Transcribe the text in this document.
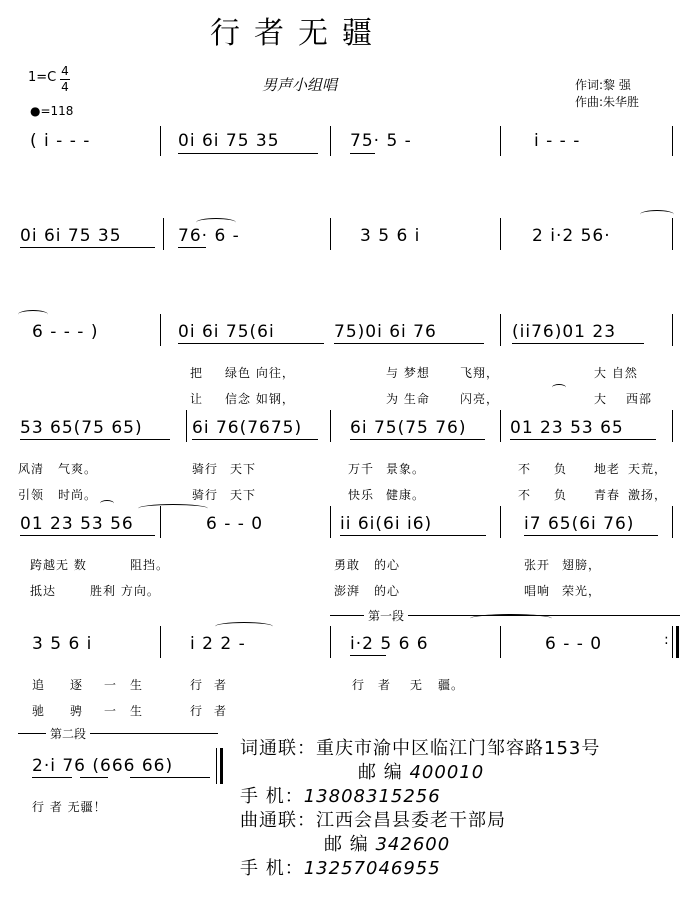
行者无疆
男声小组唱	作词:黎 强
作曲:朱华胜
1=C 4
4
●=118
( i - - -	0i 6i 75 35	75· 5 -	i - - -
0i 6i 75 35	76· 6 -	3 5 6 i	2 i·2 56·
6 - - - )	0i 6i 75(6i	75)0i 6i 76	(ii76)01 23
把 绿色 向往，	与 梦想	飞翔，	大 自然
让 信念 如钢，	为 生命	闪亮，	大 西部
53 65(75 65)	6i 76(7675)	6i 75(75 76)	01 23 53 65
风清 气爽。	骑行 天下	万千 景象。	不 负 地老 天荒，
引领 时尚。	骑行 天下	快乐 健康。	不 负 青春 激扬，
01 23 53 56	6 - - 0	ii 6i(6i i6)	i7 65(6i 76)
跨越无 数	阻挡。	勇敢 的心	张开 翅膀，
抵达	胜利 方向。	澎湃 的心	唱响 荣光，
第一段
3 5 6 i	i 2 2 -	i·2 5 6 6	6 - - 0	:
追 逐 一 生	行 者	行 者 无 疆。
驰 骋 一 生	行 者
第二段
2·i 76 (666 66)
行 者 无疆！
词通联：重庆市渝中区临江门邹容路153号
邮 编 400010
手 机：13808315256
曲通联：江西会昌县委老干部局
邮 编 342600
手 机：13257046955
